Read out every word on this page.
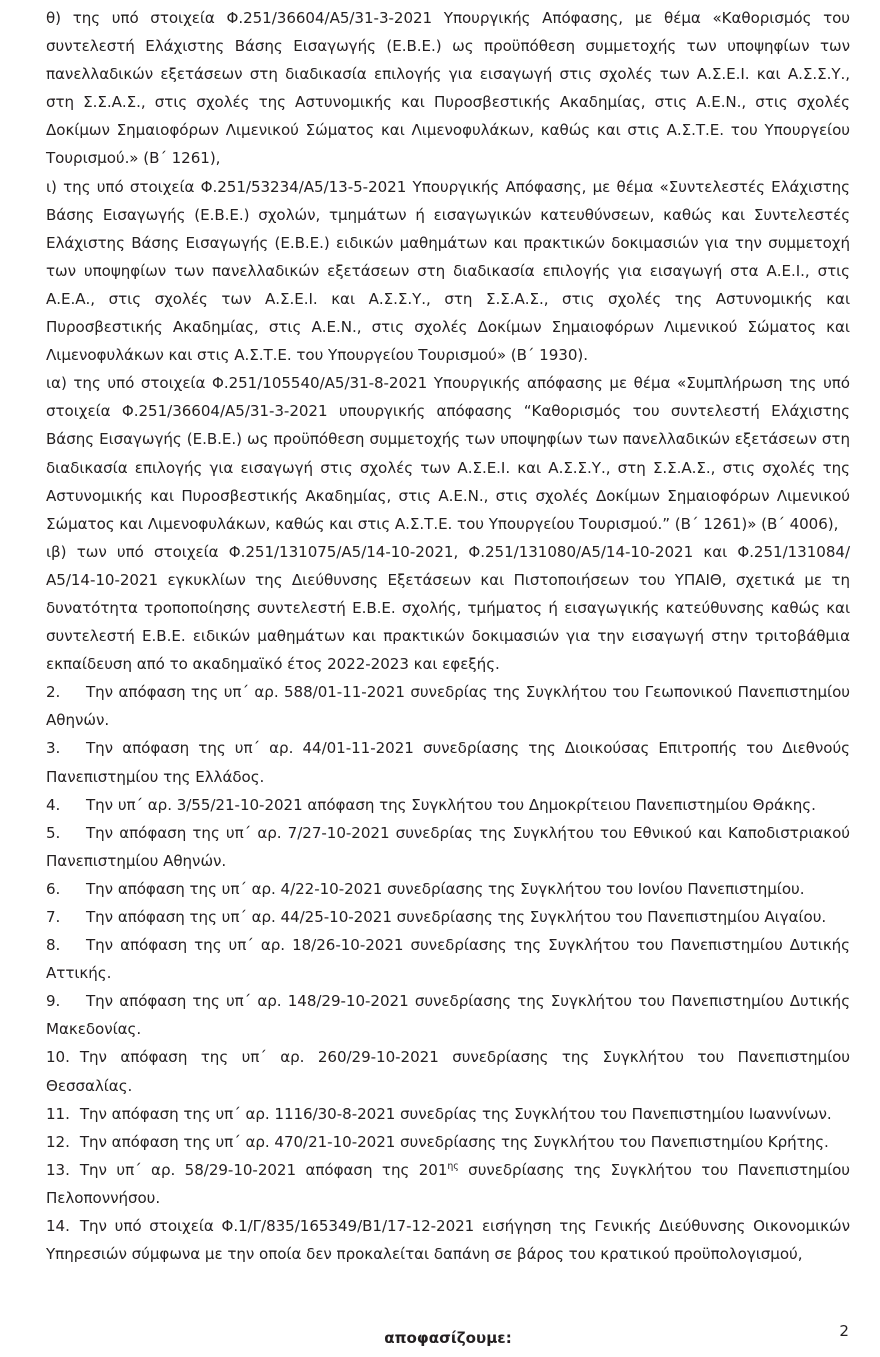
θ) της υπό στοιχεία Φ.251/36604/Α5/31-3-2021 Υπουργικής Απόφασης, με θέμα «Καθορισμός του συντελεστή Ελάχιστης Βάσης Εισαγωγής (Ε.Β.Ε.) ως προϋπόθεση συμμετοχής των υποψηφίων των πανελλαδικών εξετάσεων στη διαδικασία επιλογής για εισαγωγή στις σχολές των Α.Σ.Ε.Ι. και Α.Σ.Σ.Υ., στη Σ.Σ.Α.Σ., στις σχολές της Αστυνομικής και Πυροσβεστικής Ακαδημίας, στις Α.Ε.Ν., στις σχολές Δοκίμων Σημαιοφόρων Λιμενικού Σώματος και Λιμενοφυλάκων, καθώς και στις Α.Σ.Τ.Ε. του Υπουργείου Τουρισμού.» (Β΄ 1261),

ι) της υπό στοιχεία Φ.251/53234/Α5/13-5-2021 Υπουργικής Απόφασης, με θέμα «Συντελεστές Ελάχιστης Βάσης Εισαγωγής (Ε.Β.Ε.) σχολών, τμημάτων ή εισαγωγικών κατευθύνσεων, καθώς και Συντελεστές Ελάχιστης Βάσης Εισαγωγής (Ε.Β.Ε.) ειδικών μαθημάτων και πρακτικών δοκιμασιών για την συμμετοχή των υποψηφίων των πανελλαδικών εξετάσεων στη διαδικασία επιλογής για εισαγωγή στα Α.Ε.Ι., στις Α.Ε.Α., στις σχολές των Α.Σ.Ε.Ι. και Α.Σ.Σ.Υ., στη Σ.Σ.Α.Σ., στις σχολές της Αστυνομικής και Πυροσβεστικής Ακαδημίας, στις Α.Ε.Ν., στις σχολές Δοκίμων Σημαιοφόρων Λιμενικού Σώματος και Λιμενοφυλάκων και στις Α.Σ.Τ.Ε. του Υπουργείου Τουρισμού» (Β΄ 1930).

ια) της υπό στοιχεία Φ.251/105540/Α5/31-8-2021 Υπουργικής απόφασης με θέμα «Συμπλήρωση της υπό στοιχεία Φ.251/36604/Α5/31-3-2021 υπουργικής απόφασης “Καθορισμός του συντελεστή Ελάχιστης Βάσης Εισαγωγής (Ε.Β.Ε.) ως προϋπόθεση συμμετοχής των υποψηφίων των πανελλαδικών εξετάσεων στη διαδικασία επιλογής για εισαγωγή στις σχολές των Α.Σ.Ε.Ι. και Α.Σ.Σ.Υ., στη Σ.Σ.Α.Σ., στις σχολές της Αστυνομικής και Πυροσβεστικής Ακαδημίας, στις Α.Ε.Ν., στις σχολές Δοκίμων Σημαιοφόρων Λιμενικού Σώματος και Λιμενοφυλάκων, καθώς και στις Α.Σ.Τ.Ε. του Υπουργείου Τουρισμού.” (Β΄ 1261)» (Β΄ 4006),

ιβ) των υπό στοιχεία Φ.251/131075/Α5/14-10-2021, Φ.251/131080/Α5/14-10-2021 και Φ.251/131084/Α5/14-10-2021 εγκυκλίων της Διεύθυνσης Εξετάσεων και Πιστοποιήσεων του ΥΠΑΙΘ, σχετικά με τη δυνατότητα τροποποίησης συντελεστή Ε.Β.Ε. σχολής, τμήματος ή εισαγωγικής κατεύθυνσης καθώς και συντελεστή Ε.Β.Ε. ειδικών μαθημάτων και πρακτικών δοκιμασιών για την εισαγωγή στην τριτοβάθμια εκπαίδευση από το ακαδημαϊκό έτος 2022-2023 και εφεξής.

2. Την απόφαση της υπ΄ αρ. 588/01-11-2021 συνεδρίας της Συγκλήτου του Γεωπονικού Πανεπιστημίου Αθηνών.

3. Την απόφαση της υπ΄ αρ. 44/01-11-2021 συνεδρίασης της Διοικούσας Επιτροπής του Διεθνούς Πανεπιστημίου της Ελλάδος.

4. Την υπ΄ αρ. 3/55/21-10-2021 απόφαση της Συγκλήτου του Δημοκρίτειου Πανεπιστημίου Θράκης.

5. Την απόφαση της υπ΄ αρ. 7/27-10-2021 συνεδρίας της Συγκλήτου του Εθνικού και Καποδιστριακού Πανεπιστημίου Αθηνών.

6. Την απόφαση της υπ΄ αρ. 4/22-10-2021 συνεδρίασης της Συγκλήτου του Ιονίου Πανεπιστημίου.

7. Την απόφαση της υπ΄ αρ. 44/25-10-2021 συνεδρίασης της Συγκλήτου του Πανεπιστημίου Αιγαίου.

8. Την απόφαση της υπ΄ αρ. 18/26-10-2021 συνεδρίασης της Συγκλήτου του Πανεπιστημίου Δυτικής Αττικής.

9. Την απόφαση της υπ΄ αρ. 148/29-10-2021 συνεδρίασης της Συγκλήτου του Πανεπιστημίου Δυτικής Μακεδονίας.

10. Την απόφαση της υπ΄ αρ. 260/29-10-2021 συνεδρίασης της Συγκλήτου του Πανεπιστημίου Θεσσαλίας.

11. Την απόφαση της υπ΄ αρ. 1116/30-8-2021 συνεδρίας της Συγκλήτου του Πανεπιστημίου Ιωαννίνων.

12. Την απόφαση της υπ΄ αρ. 470/21-10-2021 συνεδρίασης της Συγκλήτου του Πανεπιστημίου Κρήτης.

13. Την υπ΄ αρ. 58/29-10-2021 απόφαση της $201^{\eta\varsigma}$ συνεδρίασης της Συγκλήτου του Πανεπιστημίου Πελοποννήσου.

14. Την υπό στοιχεία Φ.1/Γ/835/165349/Β1/17-12-2021 εισήγηση της Γενικής Διεύθυνσης Οικονομικών Υπηρεσιών σύμφωνα με την οποία δεν προκαλείται δαπάνη σε βάρος του κρατικού προϋπολογισμού,

αποφασίζουμε:	2
